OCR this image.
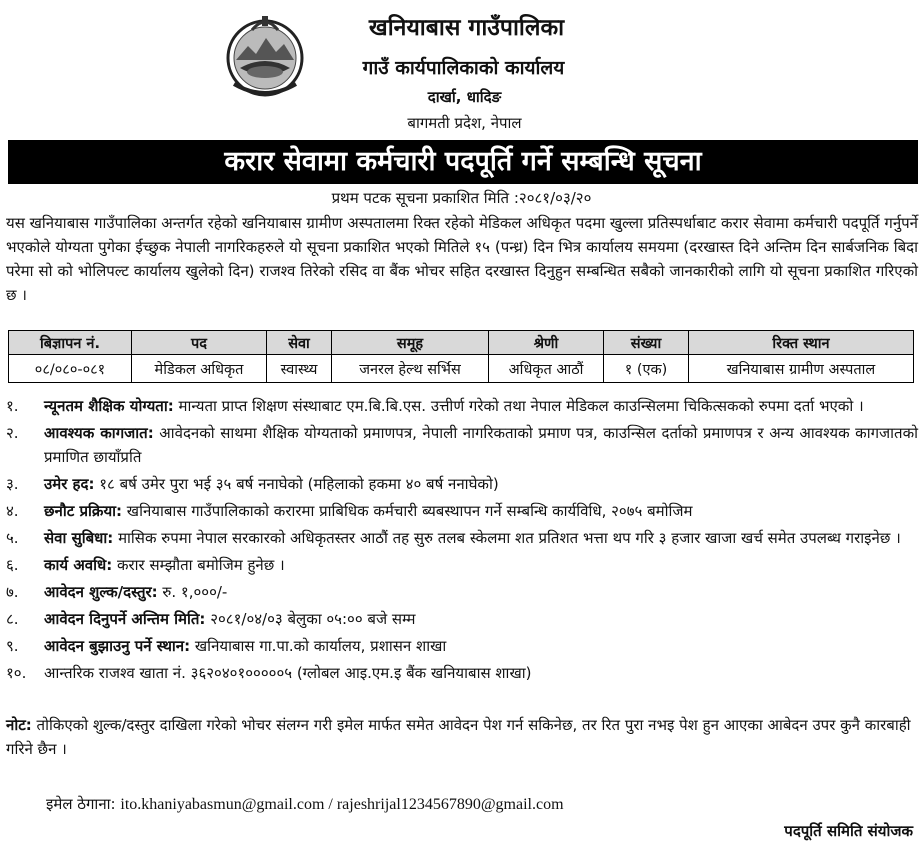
खनियाबास गाउँपालिका
गाउँ कार्यपालिकाको कार्यालय
दार्खा, धादिङ
बागमती प्रदेश, नेपाल
करार सेवामा कर्मचारी पदपूर्ति गर्ने सम्बन्धि सूचना
प्रथम पटक सूचना प्रकाशित मिति :२०८१/०३/२०
यस खनियाबास गाउँपालिका अन्तर्गत रहेको खनियाबास ग्रामीण अस्पतालमा रिक्त रहेको मेडिकल अधिकृत पदमा खुल्ला प्रतिस्पर्धाबाट करार सेवामा कर्मचारी पदपूर्ति गर्नुपर्ने भएकोले योग्यता पुगेका ईच्छुक नेपाली नागरिकहरुले यो सूचना प्रकाशित भएको मितिले १५ (पन्ध्र) दिन भित्र कार्यालय समयमा (दरखास्त दिने अन्तिम दिन सार्बजनिक बिदा परेमा सो को भोलिपल्ट कार्यालय खुलेको दिन) राजश्व तिरेको रसिद वा बैंक भोचर सहित दरखास्त दिनुहुन सम्बन्धित सबैको जानकारीको लागि यो सूचना प्रकाशित गरिएको छ ।
बिज्ञापन नं.	पद	सेवा	समूह	श्रेणी	संख्या	रिक्त स्थान
०८/०८०-०८१	मेडिकल अधिकृत	स्वास्थ्य	जनरल हेल्थ सर्भिस	अधिकृत आठौं	१ (एक)	खनियाबास ग्रामीण अस्पताल
१.	न्यूनतम शैक्षिक योग्यता: मान्यता प्राप्त शिक्षण संस्थाबाट एम.बि.बि.एस. उत्तीर्ण गरेको तथा नेपाल मेडिकल काउन्सिलमा चिकित्सकको रुपमा दर्ता भएको ।
२.	आवश्यक कागजात: आवेदनको साथमा शैक्षिक योग्यताको प्रमाणपत्र, नेपाली नागरिकताको प्रमाण पत्र, काउन्सिल दर्ताको प्रमाणपत्र र अन्य आवश्यक कागजातको प्रमाणित छायाँप्रति
३.	उमेर हद: १८ बर्ष उमेर पुरा भई ३५ बर्ष ननाघेको (महिलाको हकमा ४० बर्ष ननाघेको)
४.	छनौट प्रक्रिया: खनियाबास गाउँपालिकाको करारमा प्राबिधिक कर्मचारी ब्यबस्थापन गर्ने सम्बन्धि कार्यविधि, २०७५ बमोजिम
५.	सेवा सुबिधा: मासिक रुपमा नेपाल सरकारको अधिकृतस्तर आठौं तह सुरु तलब स्केलमा शत प्रतिशत भत्ता थप गरि ३ हजार खाजा खर्च समेत उपलब्ध गराइनेछ ।
६.	कार्य अवधि: करार सम्झौता बमोजिम हुनेछ ।
७.	आवेदन शुल्क/दस्तुर: रु. १,०००/-
८.	आवेदन दिनुपर्ने अन्तिम मिति: २०८१/०४/०३ बेलुका ०५:०० बजे सम्म
९.	आवेदन बुझाउनु पर्ने स्थान: खनियाबास गा.पा.को कार्यालय, प्रशासन शाखा
१०.	आन्तरिक राजश्व खाता नं. ३६२०४०१०००००५ (ग्लोबल आइ.एम.इ बैंक खनियाबास शाखा)
नोट: तोकिएको शुल्क/दस्तुर दाखिला गरेको भोचर संलग्न गरी इमेल मार्फत समेत आवेदन पेश गर्न सकिनेछ, तर रित पुरा नभइ पेश हुन आएका आबेदन उपर कुनै कारबाही गरिने छैन ।
इमेल ठेगाना: ito.khaniyabasmun@gmail.com / rajeshrijal1234567890@gmail.com
पदपूर्ति समिति संयोजक
